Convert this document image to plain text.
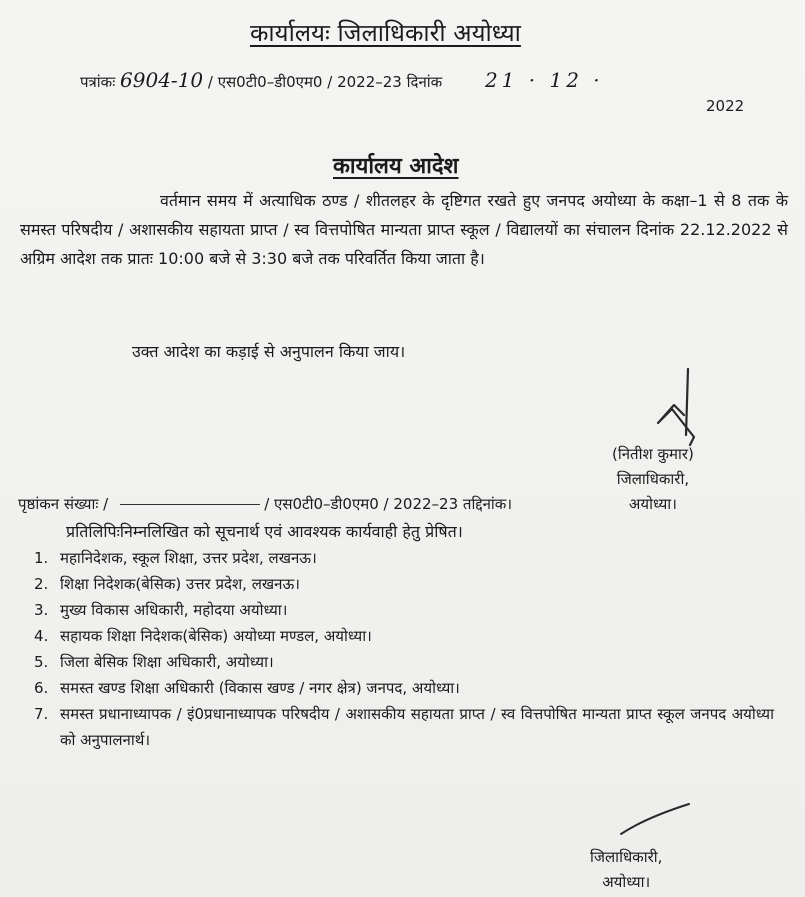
कार्यालयः जिलाधिकारी अयोध्या
पत्रांकः 6904-10 / एस0टी0–डी0एम0 / 2022–23 दिनांक 21 · 12 ·
2022
कार्यालय आदेश
वर्तमान समय में अत्याधिक ठण्ड / शीतलहर के दृष्टिगत रखते हुए जनपद अयोध्या के कक्षा–1 से 8 तक के समस्त परिषदीय / अशासकीय सहायता प्राप्त / स्व वित्तपोषित मान्यता प्राप्त स्कूल / विद्यालयों का संचालन दिनांक 22.12.2022 से अग्रिम आदेश तक प्रातः 10:00 बजे से 3:30 बजे तक परिवर्तित किया जाता है।
उक्त आदेश का कड़ाई से अनुपालन किया जाय।
(नितीश कुमार)
जिलाधिकारी,
अयोध्या।
पृष्ठांकन संख्याः /	/ एस0टी0–डी0एम0 / 2022–23 तद्दिनांक।
प्रतिलिपिःनिम्नलिखित को सूचनार्थ एवं आवश्यक कार्यवाही हेतु प्रेषित।
1. महानिदेशक, स्कूल शिक्षा, उत्तर प्रदेश, लखनऊ।
2. शिक्षा निदेशक(बेसिक) उत्तर प्रदेश, लखनऊ।
3. मुख्य विकास अधिकारी, महोदया अयोध्या।
4. सहायक शिक्षा निदेशक(बेसिक) अयोध्या मण्डल, अयोध्या।
5. जिला बेसिक शिक्षा अधिकारी, अयोध्या।
6. समस्त खण्ड शिक्षा अधिकारी (विकास खण्ड / नगर क्षेत्र) जनपद, अयोध्या।
7. समस्त प्रधानाध्यापक / इं0प्रधानाध्यापक परिषदीय / अशासकीय सहायता प्राप्त / स्व वित्तपोषित मान्यता प्राप्त स्कूल जनपद अयोध्या को अनुपालनार्थ।
जिलाधिकारी,
अयोध्या।
